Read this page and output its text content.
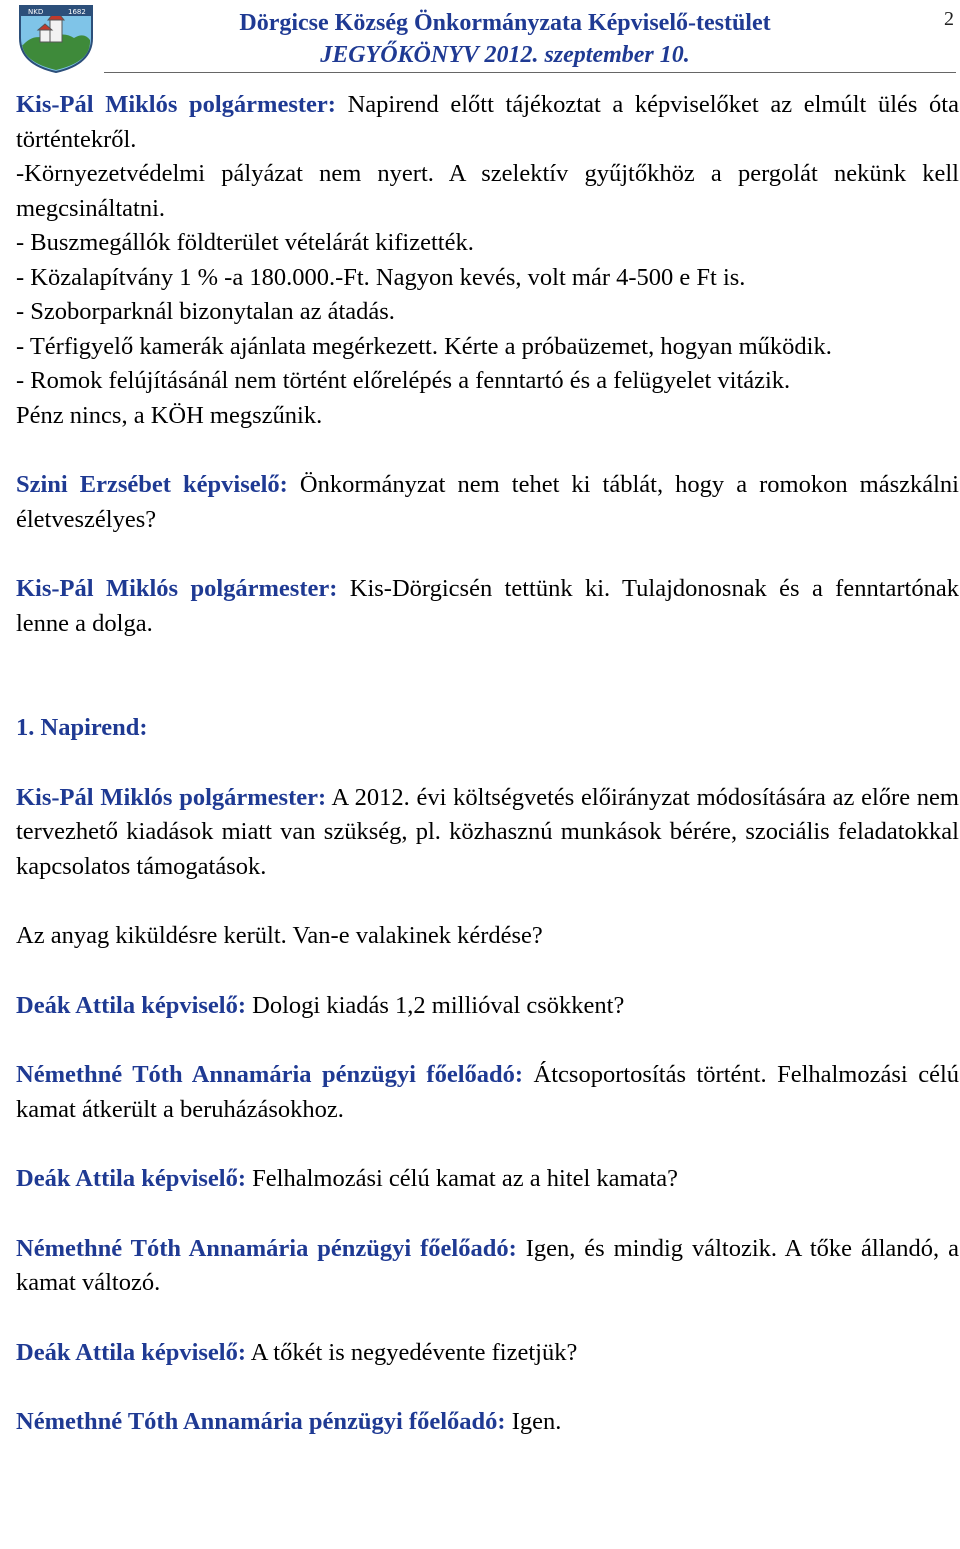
NKD	1682	Dörgicse Község Önkormányzata Képviselő-testület
JEGYŐKÖNYV 2012. szeptember 10.
2

Kis-Pál Miklós polgármester: Napirend előtt tájékoztat a képviselőket az elmúlt ülés óta történtekről.

-Környezetvédelmi pályázat nem nyert. A szelektív gyűjtőkhöz a pergolát nekünk kell megcsináltatni.

- Buszmegállók földterület vételárát kifizették.

- Közalapítvány 1 % -a 180.000.-Ft. Nagyon kevés, volt már 4-500 e Ft is.

- Szoborparknál bizonytalan az átadás.

- Térfigyelő kamerák ajánlata megérkezett. Kérte a próbaüzemet, hogyan működik.

- Romok felújításánál nem történt előrelépés a fenntartó és a felügyelet vitázik.

Pénz nincs, a KÖH megszűnik.

Szini Erzsébet képviselő: Önkormányzat nem tehet ki táblát, hogy a romokon mászkálni életveszélyes?

Kis-Pál Miklós polgármester: Kis-Dörgicsén tettünk ki. Tulajdonosnak és a fenntartónak lenne a dolga.

1. Napirend:

Kis-Pál Miklós polgármester: A 2012. évi költségvetés előirányzat módosítására az előre nem tervezhető kiadások miatt van szükség, pl. közhasznú munkások bérére, szociális feladatokkal kapcsolatos támogatások.

Az anyag kiküldésre került. Van-e valakinek kérdése?

Deák Attila képviselő: Dologi kiadás 1,2 millióval csökkent?

Némethné Tóth Annamária pénzügyi főelőadó: Átcsoportosítás történt. Felhalmozási célú kamat átkerült a beruházásokhoz.

Deák Attila képviselő: Felhalmozási célú kamat az a hitel kamata?

Némethné Tóth Annamária pénzügyi főelőadó: Igen, és mindig változik. A tőke állandó, a kamat változó.

Deák Attila képviselő: A tőkét is negyedévente fizetjük?

Némethné Tóth Annamária pénzügyi főelőadó: Igen.
